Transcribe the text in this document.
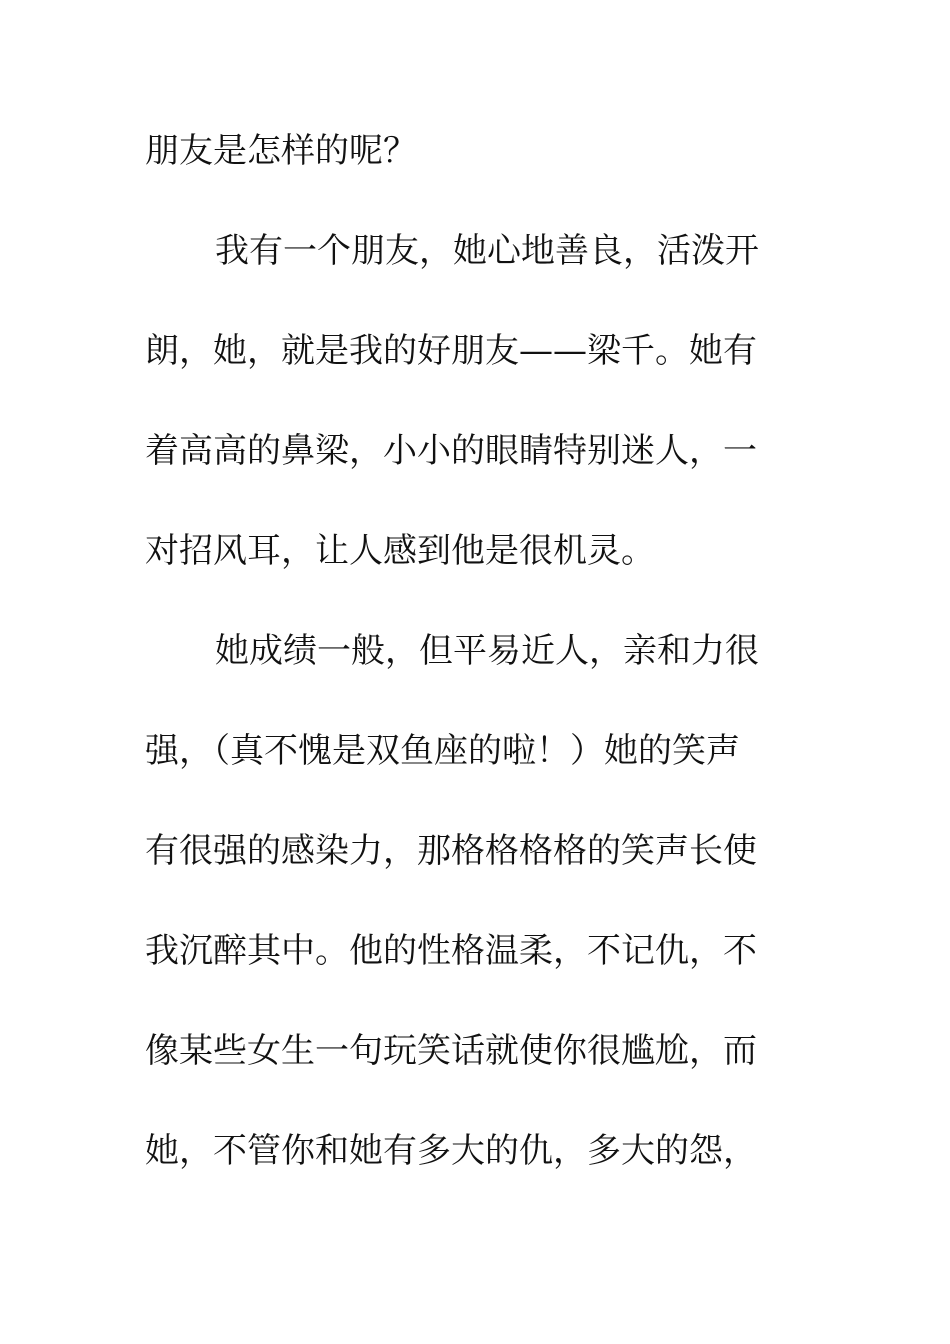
朋友是怎样的呢？
我有一个朋友，她心地善良，活泼开
朗，她，就是我的好朋友——梁千。她有
着高高的鼻梁，小小的眼睛特别迷人，一
对招风耳，让人感到他是很机灵。
她成绩一般，但平易近人，亲和力很
强，（真不愧是双鱼座的啦！）她的笑声
有很强的感染力，那格格格格的笑声长使
我沉醉其中。他的性格温柔，不记仇，不
像某些女生一句玩笑话就使你很尴尬，而
她，不管你和她有多大的仇，多大的怨，
